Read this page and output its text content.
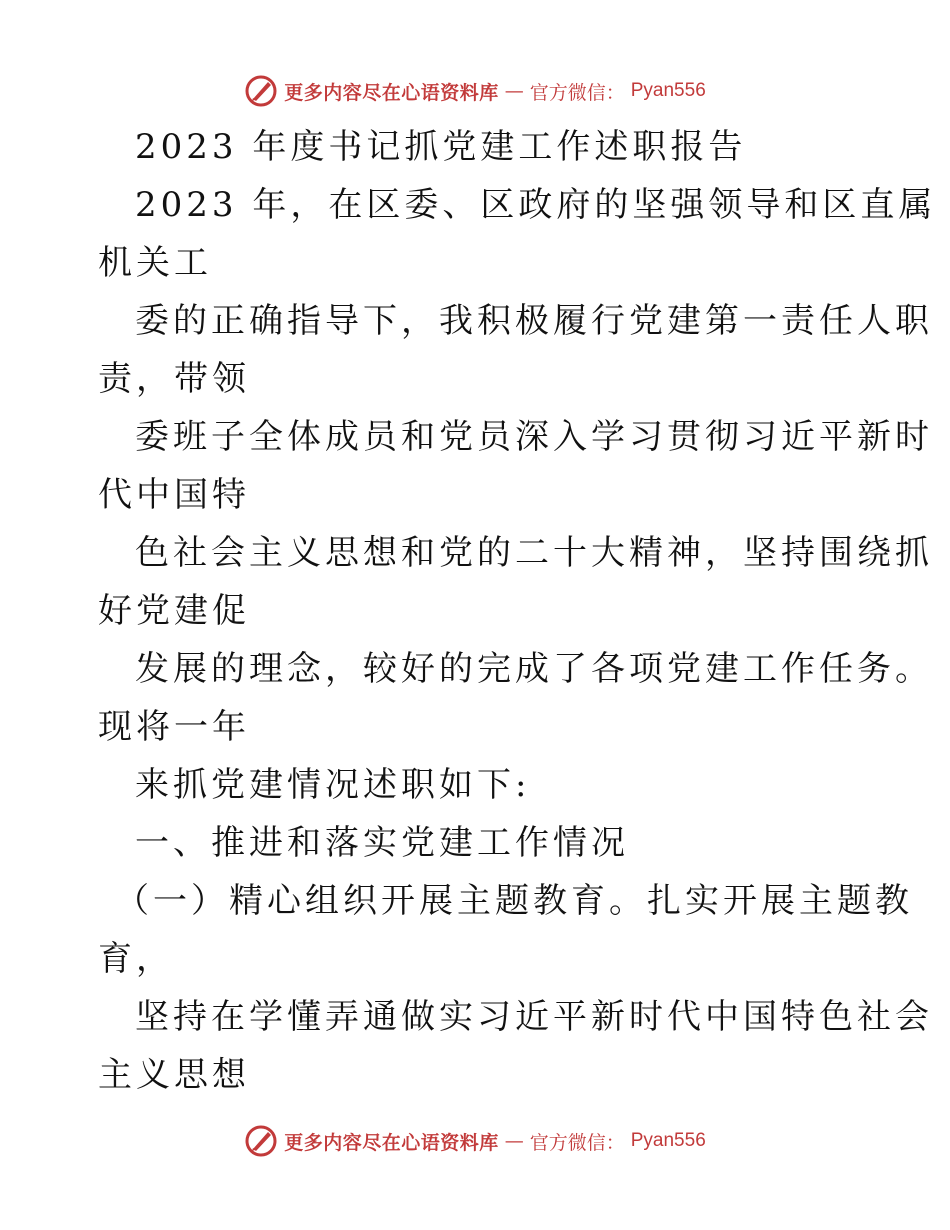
更多内容尽在心语资料库 — 官方微信： Pyan556
2023 年度书记抓党建工作述职报告
2023 年，在区委、区政府的坚强领导和区直属
机关工
委的正确指导下，我积极履行党建第一责任人职
责，带领
委班子全体成员和党员深入学习贯彻习近平新时
代中国特
色社会主义思想和党的二十大精神，坚持围绕抓
好党建促
发展的理念，较好的完成了各项党建工作任务。
现将一年
来抓党建情况述职如下:
一、推进和落实党建工作情况
（一）精心组织开展主题教育。扎实开展主题教
育，
坚持在学懂弄通做实习近平新时代中国特色社会
主义思想
更多内容尽在心语资料库 — 官方微信： Pyan556
